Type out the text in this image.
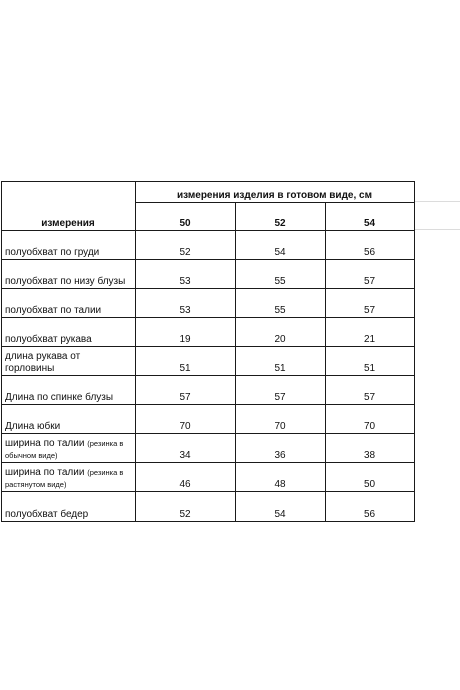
	измерения изделия в готовом виде, см		
измерения	50	52	54
полуобхват по груди	52	54	56
полуобхват по низу блузы	53	55	57
полуобхват по талии	53	55	57
полуобхват рукава	19	20	21
длина рукава от горловины	51	51	51
Длина по спинке блузы	57	57	57
Длина юбки	70	70	70
ширина по талии (резинка в обычном виде)	34	36	38
ширина по талии (резинка в растянутом виде)	46	48	50
полуобхват бедер	52	54	56
